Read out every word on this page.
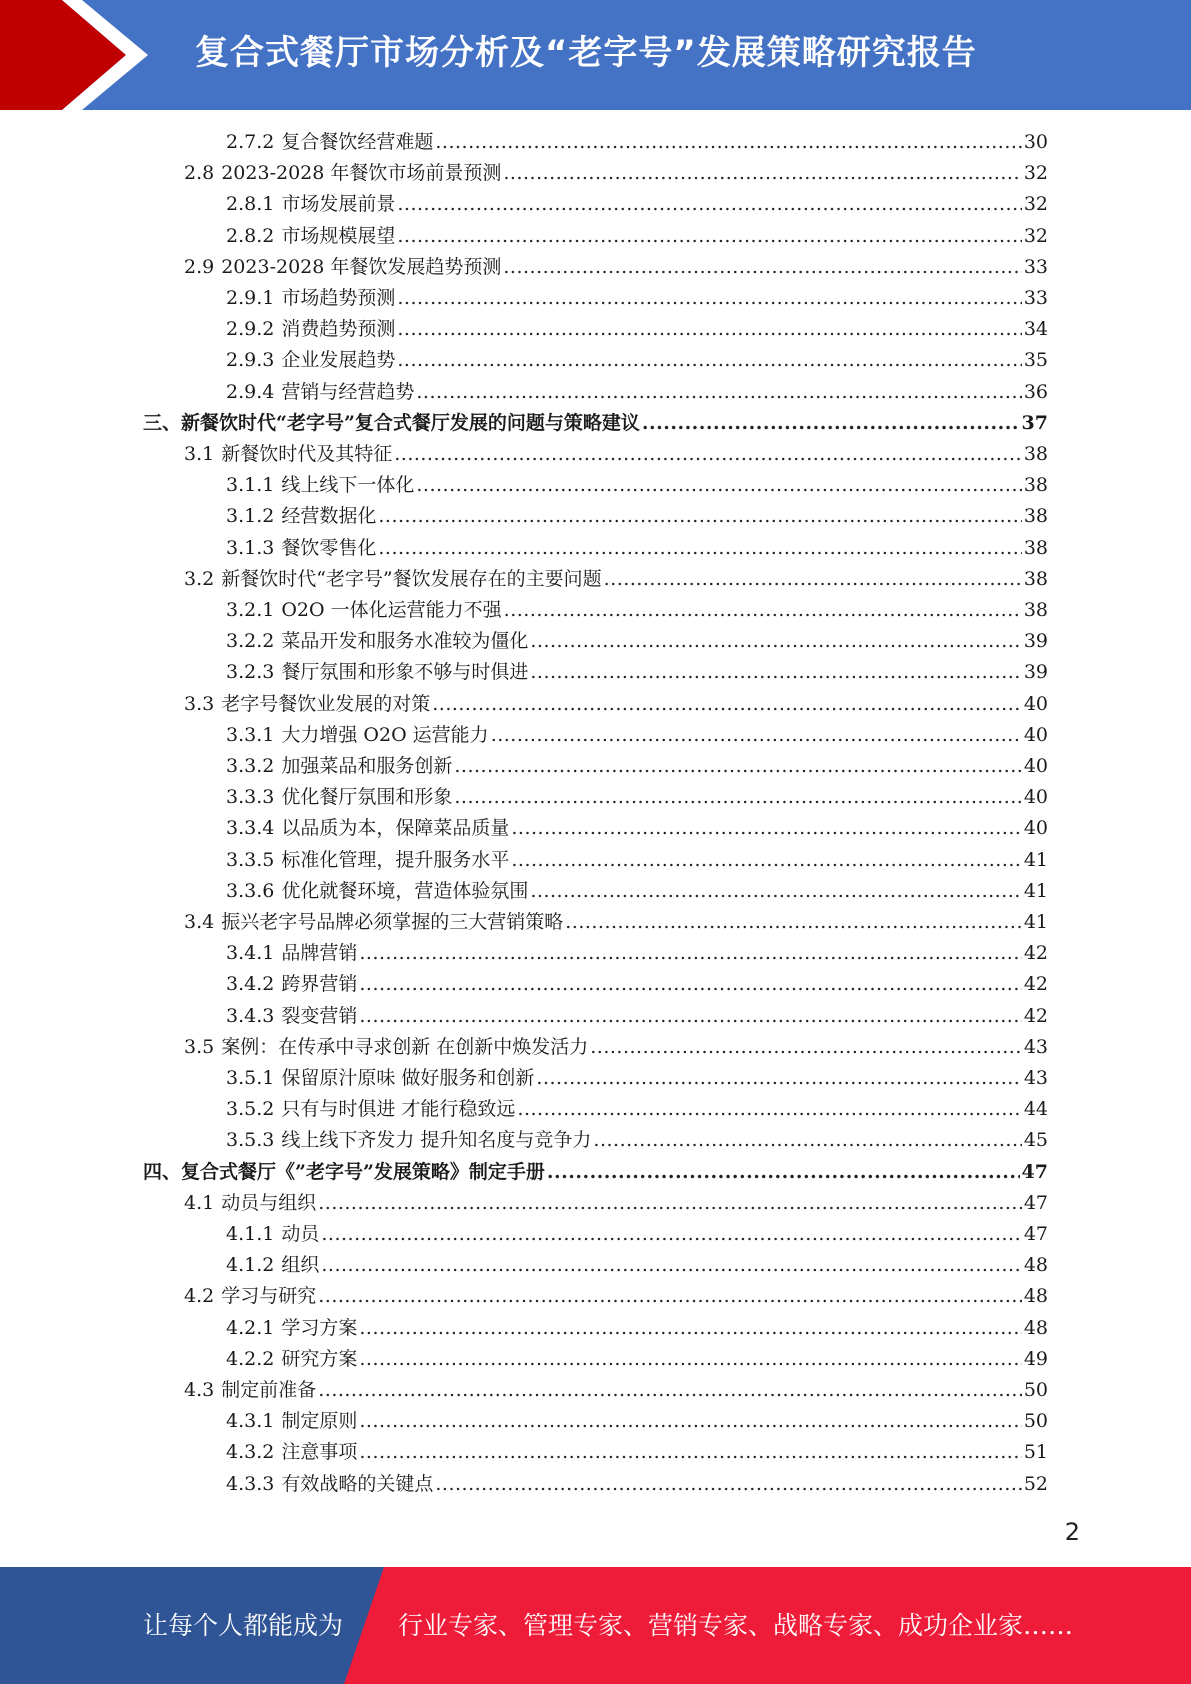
复合式餐厅市场分析及“老字号”发展策略研究报告
2.7.2 复合餐饮经营难题 .....	30
2.8 2023-2028 年餐饮市场前景预测 .....	32
2.8.1 市场发展前景 .....	32
2.8.2 市场规模展望 .....	32
2.9 2023-2028 年餐饮发展趋势预测 .....	33
2.9.1 市场趋势预测 .....	33
2.9.2 消费趋势预测 .....	34
2.9.3 企业发展趋势 .....	35
2.9.4 营销与经营趋势 .....	36
三、 新餐饮时代“老字号”复合式餐厅发展的问题与策略建议 .....	37
3.1 新餐饮时代及其特征 .....	38
3.1.1 线上线下一体化 .....	38
3.1.2 经营数据化 .....	38
3.1.3 餐饮零售化 .....	38
3.2 新餐饮时代“老字号”餐饮发展存在的主要问题 .....	38
3.2.1 O2O 一体化运营能力不强 .....	38
3.2.2 菜品开发和服务水准较为僵化 .....	39
3.2.3 餐厅氛围和形象不够与时俱进 .....	39
3.3 老字号餐饮业发展的对策 .....	40
3.3.1 大力增强 O2O 运营能力 .....	40
3.3.2 加强菜品和服务创新 .....	40
3.3.3 优化餐厅氛围和形象 .....	40
3.3.4 以品质为本，保障菜品质量 .....	40
3.3.5 标准化管理，提升服务水平 .....	41
3.3.6 优化就餐环境，营造体验氛围 .....	41
3.4 振兴老字号品牌必须掌握的三大营销策略 .....	41
3.4.1 品牌营销 .....	42
3.4.2 跨界营销 .....	42
3.4.3 裂变营销 .....	42
3.5 案例：在传承中寻求创新 在创新中焕发活力 .....	43
3.5.1 保留原汁原味 做好服务和创新 .....	43
3.5.2 只有与时俱进 才能行稳致远 .....	44
3.5.3 线上线下齐发力 提升知名度与竞争力 .....	45
四、 复合式餐厅《”老字号”发展策略》制定手册 .....	47
4.1 动员与组织 .....	47
4.1.1 动员 .....	47
4.1.2 组织 .....	48
4.2 学习与研究 .....	48
4.2.1 学习方案 .....	48
4.2.2 研究方案 .....	49
4.3 制定前准备 .....	50
4.3.1 制定原则 .....	50
4.3.2 注意事项 .....	51
4.3.3 有效战略的关键点 .....	52
2
让每个人都能成为 行业专家、管理专家、营销专家、战略专家、成功企业家……
